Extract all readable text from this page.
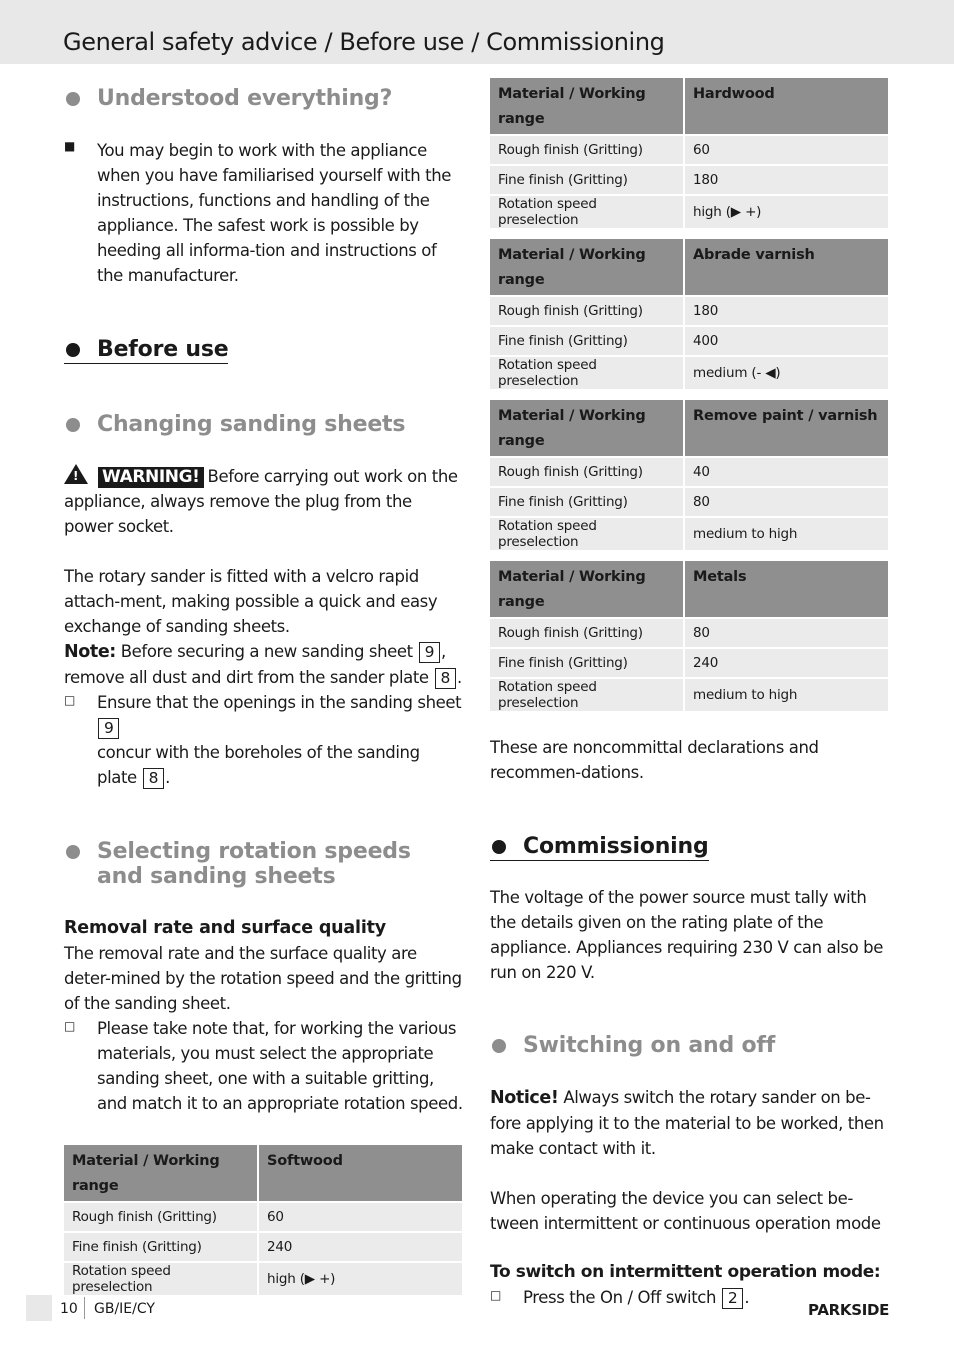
General safety advice / Before use / Commissioning
Understood everything?
■ You may begin to work with the appliance when you have familiarised yourself with the instructions, functions and handling of the appliance. The safest work is possible by heeding all informa-tion and instructions of the manufacturer.

Before use
Changing sanding sheets

! WARNING! Before carrying out work on the appliance, always remove the plug from the power socket.

The rotary sander is fitted with a velcro rapid attach-ment, making possible a quick and easy exchange of sanding sheets.

Note: Before securing a new sanding sheet 9 , remove all dust and dirt from the sander plate 8 .

□ Ensure that the openings in the sanding sheet 9
concur with the boreholes of the sanding plate 8 .

Selecting rotation speeds and sanding sheets

Removal rate and surface quality

The removal rate and the surface quality are deter-mined by the rotation speed and the gritting of the sanding sheet.

□ Please take note that, for working the various materials, you must select the appropriate sanding sheet, one with a suitable gritting, and match it to an appropriate rotation speed.

Material / Working range	Softwood
Rough finish (Gritting)	60
Fine finish (Gritting)	240
Rotation speed preselection	high (▶ +)
Material / Working range	Hardwood
Rough finish (Gritting)	60
Fine finish (Gritting)	180
Rotation speed preselection	high (▶ +)
Material / Working range	Abrade varnish
Rough finish (Gritting)	180
Fine finish (Gritting)	400
Rotation speed preselection	medium (- ◀)
Material / Working range	Remove paint / varnish
Rough finish (Gritting)	40
Fine finish (Gritting)	80
Rotation speed preselection	medium to high
Material / Working range	Metals
Rough finish (Gritting)	80
Fine finish (Gritting)	240
Rotation speed preselection	medium to high

These are noncommittal declarations and recommen-dations.

Commissioning

The voltage of the power source must tally with the details given on the rating plate of the appliance. Appliances requiring 230 V can also be run on 220 V.

Switching on and off

Notice! Always switch the rotary sander on be-fore applying it to the material to be worked, then make contact with it.

When operating the device you can select be-tween intermittent or continuous operation mode

To switch on intermittent operation mode:

□ Press the On / Off switch 2 .

10 GB/IE/CY	PARKSIDE
